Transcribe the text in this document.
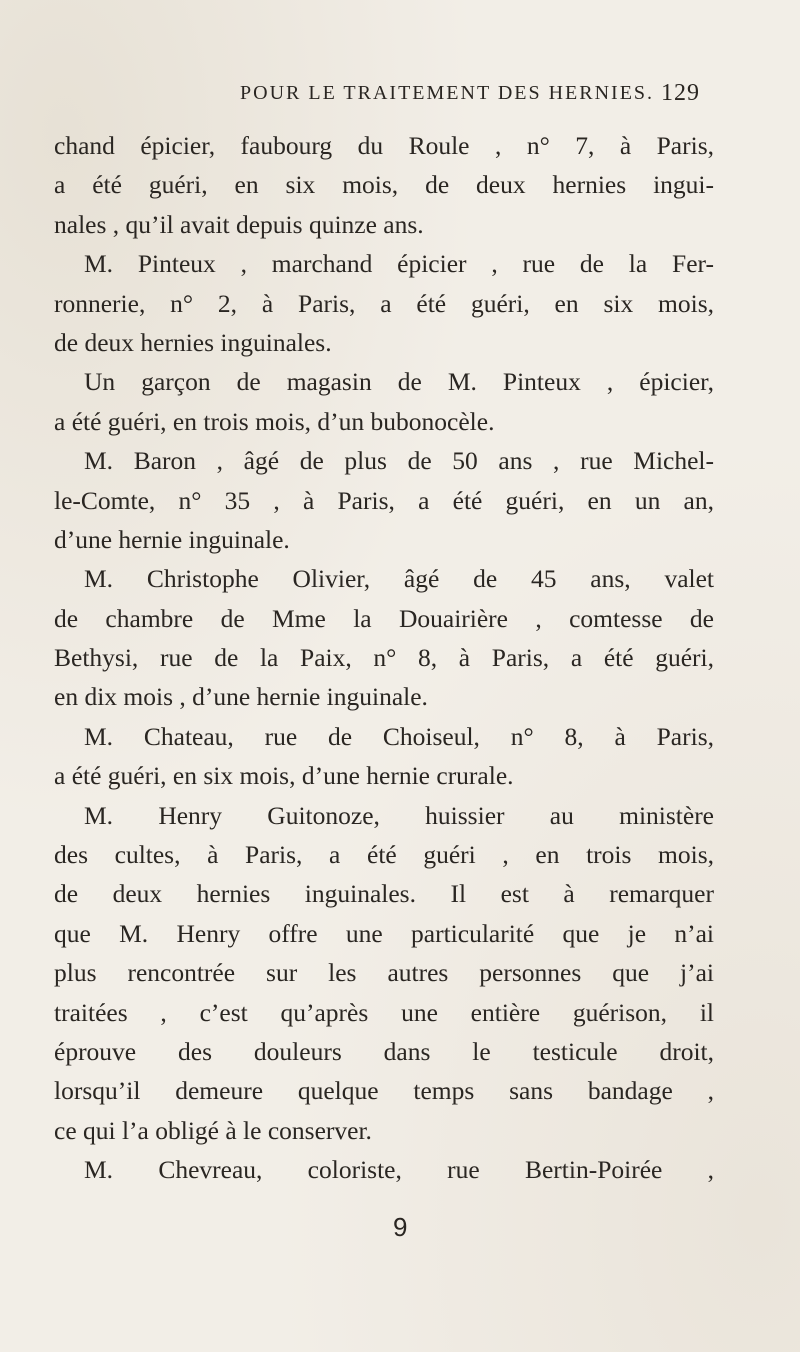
POUR LE TRAITEMENT DES HERNIES. 129
chand épicier, faubourg du Roule , n° 7, à Paris,
a été guéri, en six mois, de deux hernies ingui-
nales , qu’il avait depuis quinze ans.
M. Pinteux , marchand épicier , rue de la Fer-
ronnerie, n° 2, à Paris, a été guéri, en six mois,
de deux hernies inguinales.
Un garçon de magasin de M. Pinteux , épicier,
a été guéri, en trois mois, d’un bubonocèle.
M. Baron , âgé de plus de 50 ans , rue Michel-
le-Comte, n° 35 , à Paris, a été guéri, en un an,
d’une hernie inguinale.
M. Christophe Olivier, âgé de 45 ans, valet
de chambre de Mme la Douairière , comtesse de
Bethysi, rue de la Paix, n° 8, à Paris, a été guéri,
en dix mois , d’une hernie inguinale.
M. Chateau, rue de Choiseul, n° 8, à Paris,
a été guéri, en six mois, d’une hernie crurale.
M. Henry Guitonoze, huissier au ministère
des cultes, à Paris, a été guéri , en trois mois,
de deux hernies inguinales. Il est à remarquer
que M. Henry offre une particularité que je n’ai
plus rencontrée sur les autres personnes que j’ai
traitées , c’est qu’après une entière guérison, il
éprouve des douleurs dans le testicule droit,
lorsqu’il demeure quelque temps sans bandage ,
ce qui l’a obligé à le conserver.
M. Chevreau, coloriste, rue Bertin-Poirée ,
9
